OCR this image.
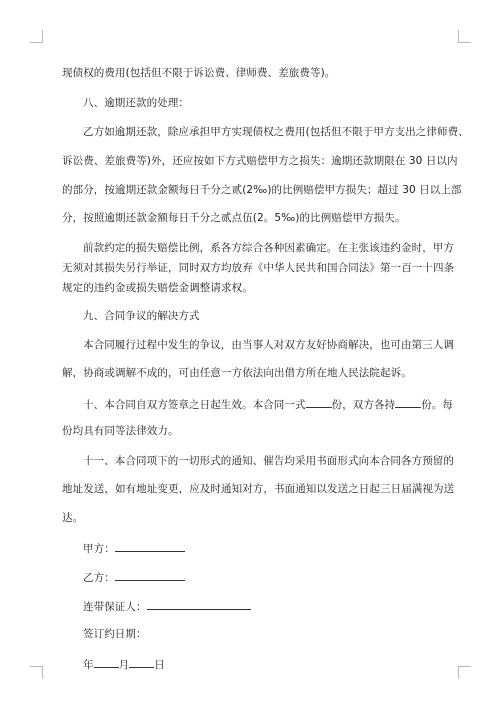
现债权的费用(包括但不限于诉讼费、律师费、差旅费等)。
八、逾期还款的处理：
乙方如逾期还款，除应承担甲方实现债权之费用(包括但不限于甲方支出之律师费、
诉讼费、差旅费等)外，还应按如下方式赔偿甲方之损失：逾期还款期限在 30 日以内
的部分，按逾期还款金额每日千分之贰(2‰)的比例赔偿甲方损失；超过 30 日以上部
分，按照逾期还款金额每日千分之贰点伍(2。5‰)的比例赔偿甲方损失。
前款约定的损失赔偿比例，系各方综合各种因素确定。在主张该违约金时，甲方
无须对其损失另行举证，同时双方均放弃《中华人民共和国合同法》第一百一十四条
规定的违约金或损失赔偿金调整请求权。
九、合同争议的解决方式
本合同履行过程中发生的争议，由当事人对双方友好协商解决，也可由第三人调
解，协商或调解不成的，可由任意一方依法向出借方所在地人民法院起诉。
十、本合同自双方签章之日起生效。本合同一式 份，双方各持 份。每
份均具有同等法律效力。
十一、本合同项下的一切形式的通知、催告均采用书面形式向本合同各方预留的
地址发送，如有地址变更，应及时通知对方，书面通知以发送之日起三日届满视为送
达。
甲方：
乙方：
连带保证人：
签订约日期：
年 月 日
